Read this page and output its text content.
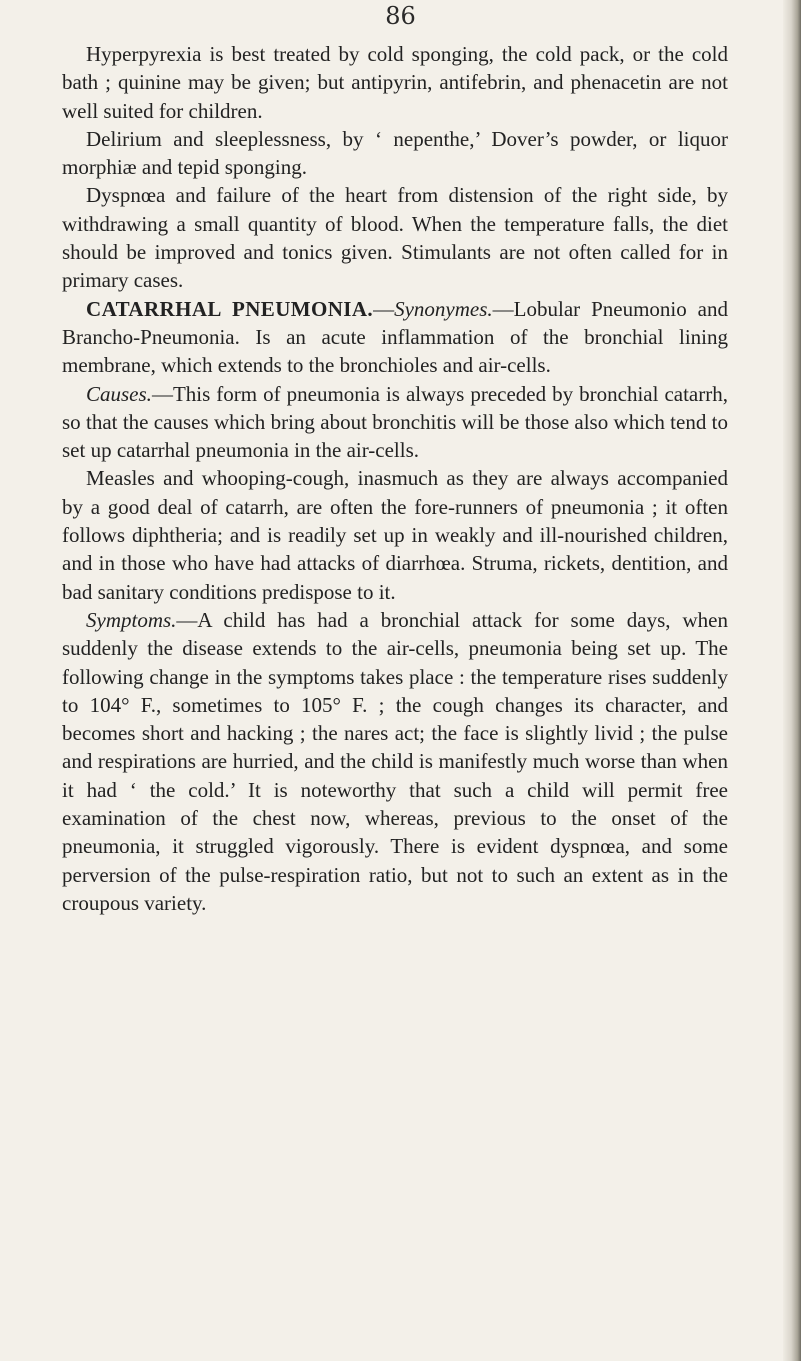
86

Hyperpyrexia is best treated by cold sponging, the cold pack, or the cold bath ; quinine may be given; but antipyrin, antifebrin, and phenacetin are not well suited for children.

Delirium and sleeplessness, by ‘ nepenthe,’ Dover’s powder, or liquor morphiæ and tepid sponging.

Dyspnœa and failure of the heart from distension of the right side, by withdrawing a small quantity of blood. When the temperature falls, the diet should be improved and tonics given. Stimulants are not often called for in primary cases.

CATARRHAL PNEUMONIA.—Synonymes.—Lobular Pneumonio and Brancho-Pneumonia. Is an acute inflammation of the bronchial lining membrane, which extends to the bronchioles and air-cells.

Causes.—This form of pneumonia is always preceded by bronchial catarrh, so that the causes which bring about bronchitis will be those also which tend to set up catarrhal pneumonia in the air-cells.

Measles and whooping-cough, inasmuch as they are always accompanied by a good deal of catarrh, are often the fore-runners of pneumonia ; it often follows diphtheria; and is readily set up in weakly and ill-nourished children, and in those who have had attacks of diarrhœa. Struma, rickets, dentition, and bad sanitary conditions predispose to it.

Symptoms.—A child has had a bronchial attack for some days, when suddenly the disease extends to the air-cells, pneumonia being set up. The following change in the symptoms takes place : the temperature rises suddenly to 104° F., sometimes to 105° F. ; the cough changes its character, and becomes short and hacking ; the nares act; the face is slightly livid ; the pulse and respirations are hurried, and the child is manifestly much worse than when it had ‘ the cold.’ It is noteworthy that such a child will permit free examination of the chest now, whereas, previous to the onset of the pneumonia, it struggled vigorously. There is evident dyspnœa, and some perversion of the pulse-respiration ratio, but not to such an extent as in the croupous variety.
